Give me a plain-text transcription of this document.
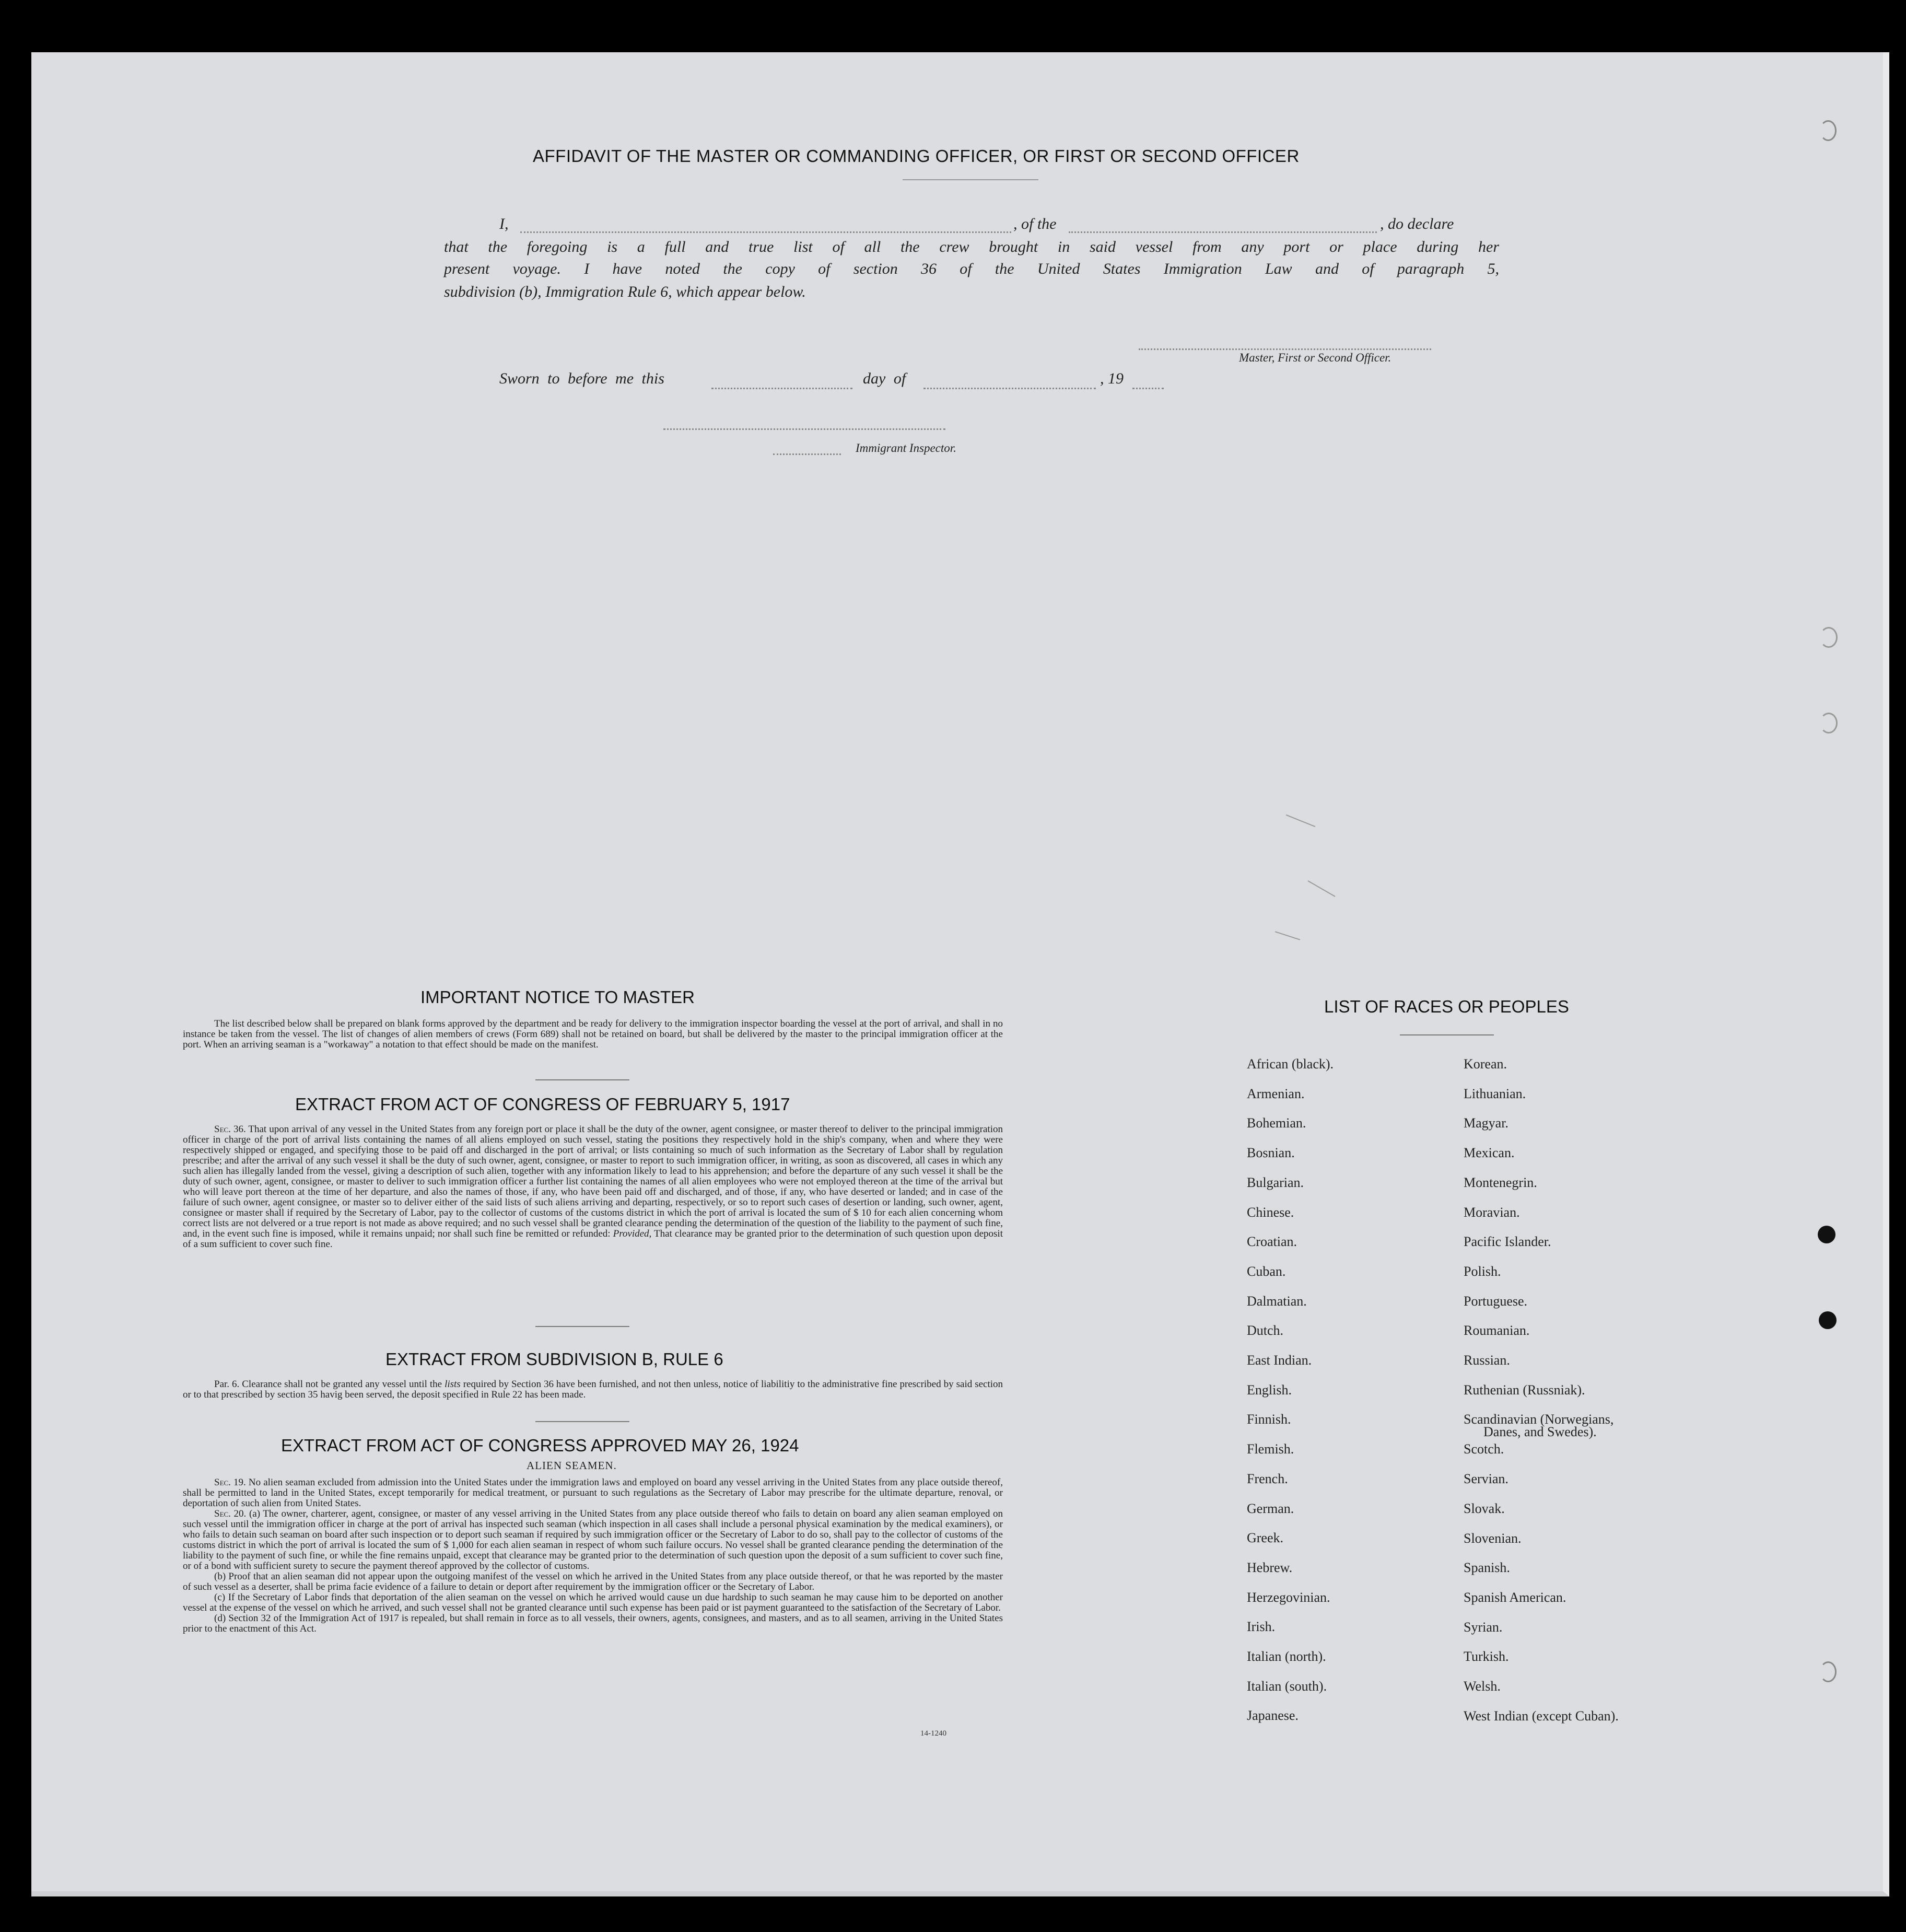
AFFIDAVIT OF THE MASTER OR COMMANDING OFFICER, OR FIRST OR SECOND OFFICER
I,	, of the	, do declare
that the foregoing is a full and true list of all the crew brought in said vessel from any port or place during her
present voyage. I have noted the copy of section 36 of the United States Immigration Law and of paragraph 5,
subdivision (b), Immigration Rule 6, which appear below.
Master, First or Second Officer.
Sworn to before me this	day of	, 19
Immigrant Inspector.
IMPORTANT NOTICE TO MASTER

The list described below shall be prepared on blank forms approved by the department and be ready for delivery to the immigration inspector boarding the vessel at the port of arrival, and shall in no instance be taken from the vessel. The list of changes of alien members of crews (Form 689) shall not be retained on board, but shall be delivered by the master to the principal immigration officer at the port. When an arriving seaman is a "workaway" a notation to that effect should be made on the manifest.

EXTRACT FROM ACT OF CONGRESS OF FEBRUARY 5, 1917

Sec. 36. That upon arrival of any vessel in the United States from any foreign port or place it shall be the duty of the owner, agent consignee, or master thereof to deliver to the principal immigration officer in charge of the port of arrival lists containing the names of all aliens employed on such vessel, stating the positions they respectively hold in the ship's company, when and where they were respectively shipped or engaged, and specifying those to be paid off and discharged in the port of arrival; or lists containing so much of such information as the Secretary of Labor shall by regulation prescribe; and after the arrival of any such vessel it shall be the duty of such owner, agent, consignee, or master to report to such immigration officer, in writing, as soon as discovered, all cases in which any such alien has illegally landed from the vessel, giving a description of such alien, together with any information likely to lead to his apprehension; and before the departure of any such vessel it shall be the duty of such owner, agent, consignee, or master to deliver to such immigration officer a further list containing the names of all alien employees who were not employed thereon at the time of the arrival but who will leave port thereon at the time of her departure, and also the names of those, if any, who have been paid off and discharged, and of those, if any, who have deserted or landed; and in case of the failure of such owner, agent consignee, or master so to deliver either of the said lists of such aliens arriving and departing, respectively, or so to report such cases of desertion or landing, such owner, agent, consignee or master shall if required by the Secretary of Labor, pay to the collector of customs of the customs district in which the port of arrival is located the sum of $ 10 for each alien concerning whom correct lists are not delvered or a true report is not made as above required; and no such vessel shall be granted clearance pending the determination of the question of the liability to the payment of such fine, and, in the event such fine is imposed, while it remains unpaid; nor shall such fine be remitted or refunded: Provided, That clearance may be granted prior to the determination of such question upon deposit of a sum sufficient to cover such fine.

EXTRACT FROM SUBDIVISION B, RULE 6

Par. 6. Clearance shall not be granted any vessel until the lists required by Section 36 have been furnished, and not then unless, notice of liabilitiy to the administrative fine prescribed by said section or to that prescribed by section 35 havig been served, the deposit specified in Rule 22 has been made.

EXTRACT FROM ACT OF CONGRESS APPROVED MAY 26, 1924
ALIEN SEAMEN.

Sec. 19. No alien seaman excluded from admission into the United States under the immigration laws and employed on board any vessel arriving in the United States from any place outside thereof, shall be permitted to land in the United States, except temporarily for medical treatment, or pursuant to such regulations as the Secretary of Labor may prescribe for the ultimate departure, renoval, or deportation of such alien from United States.

Sec. 20. (a) The owner, charterer, agent, consignee, or master of any vessel arriving in the United States from any place outside thereof who fails to detain on board any alien seaman employed on such vessel until the immigration officer in charge at the port of arrival has inspected such seaman (which inspection in all cases shall include a personal physical examination by the medical examiners), or who fails to detain such seaman on board after such inspection or to deport such seaman if required by such immigration officer or the Secretary of Labor to do so, shall pay to the collector of customs of the customs district in which the port of arrival is located the sum of $ 1,000 for each alien seaman in respect of whom such failure occurs. No vessel shall be granted clearance pending the determination of the liability to the payment of such fine, or while the fine remains unpaid, except that clearance may be granted prior to the determination of such question upon the deposit of a sum sufficient to cover such fine, or of a bond with sufficient surety to secure the payment thereof approved by the collector of customs.

(b) Proof that an alien seaman did not appear upon the outgoing manifest of the vessel on which he arrived in the United States from any place outside thereof, or that he was reported by the master of such vessel as a deserter, shall be prima facie evidence of a failure to detain or deport after requirement by the immigration officer or the Secretary of Labor.

(c) If the Secretary of Labor finds that deportation of the alien seaman on the vessel on which he arrived would cause un due hardship to such seaman he may cause him to be deported on another vessel at the expense of the vessel on which he arrived, and such vessel shall not be granted clearance until such expense has been paid or ist payment guaranteed to the satisfaction of the Secretary of Labor.

(d) Section 32 of the Immigration Act of 1917 is repealed, but shall remain in force as to all vessels, their owners, agents, consignees, and masters, and as to all seamen, arriving in the United States prior to the enactment of this Act.

14-1240
LIST OF RACES OR PEOPLES
African (black).
Armenian.
Bohemian.
Bosnian.
Bulgarian.
Chinese.
Croatian.
Cuban.
Dalmatian.
Dutch.
East Indian.
English.
Finnish.
Flemish.
French.
German.
Greek.
Hebrew.
Herzegovinian.
Irish.
Italian (north).
Italian (south).
Japanese.
Korean.
Lithuanian.
Magyar.
Mexican.
Montenegrin.
Moravian.
Pacific Islander.
Polish.
Portuguese.
Roumanian.
Russian.
Ruthenian (Russniak).
Scandinavian (Norwegians,
Danes, and Swedes).
Scotch.
Servian.
Slovak.
Slovenian.
Spanish.
Spanish American.
Syrian.
Turkish.
Welsh.
West Indian (except Cuban).
